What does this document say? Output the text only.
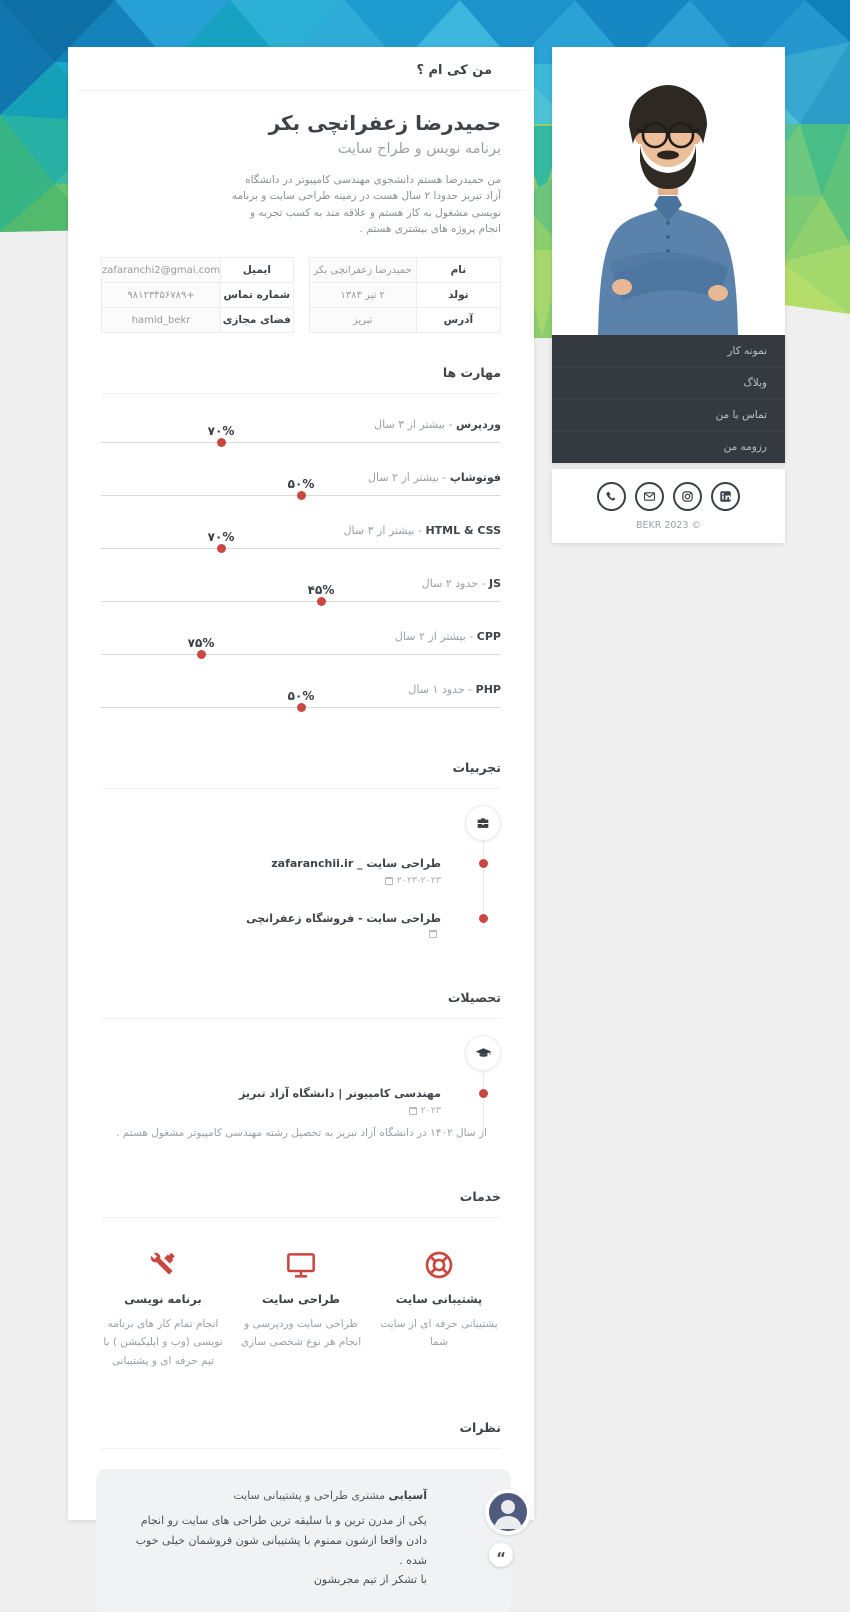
من کی ام ؟
حمیدرضا زعفرانچی بکر
برنامه نویس و طراح سایت

من حمیدرضا هستم دانشجوی مهندسی کامپیوتر در دانشگاه آزاد تبریز حدودا ۲ سال هست در زمینه طراحی سایت و برنامه نویسی مشغول به کار هستم و علاقه مند به کسب تجربه و انجام پروژه های بیشتری هستم .

نام	حمیدرضا زعفرانچی بکر
تولد	۲ تیر ۱۳۸۳
آدرس	تبریز
ایمیل	zafaranchi2@gmai.com
شماره تماس	۹۸۱۲۳۴۵۶۷۸۹+
فضای مجازی	hamid_bekr
مهارت ها
وردپرس - بیشتر از ۳ سال
۷۰%
فوتوشاپ - بیشتر از ۲ سال
۵۰%
HTML & CSS - بیشتر از ۳ سال
۷۰%
JS - حدود ۲ سال
۴۵%
CPP - بیشتر از ۲ سال
۷۵%
PHP - حدود ۱ سال
۵۰%
تجربیات
طراحی سایت _ zafaranchii.ir
۲۰۲۳-۲۰۲۳
طراحی سایت - فروشگاه زعفرانچی
تحصیلات
مهندسی کامپیوتر | دانشگاه آزاد تبریز
۲۰۲۳
از سال ۱۴۰۲ در دانشگاه آزاد تبریز به تحصیل رشته مهندسی کامپیوتر مشغول هستم .
خدمات
پشتیبانی سایت
پشتیبانی حرفه ای از سایت شما
طراحی سایت
طراحی سایت وردپرسی و انجام هر نوع شخصی سازی
برنامه نویسی
انجام تمام کار های برنامه نویسی (وب و اپلیکیشن ) با تیم حرفه ای و پشتیبانی
نظرات
“
آسیابی مشتری طراحی و پشتیبانی سایت

یکی از مدرن ترین و با سلیقه ترین طراحی های سایت رو انجام دادن واقعا ازشون ممنوم با پشتیبانی شون فروشمان خیلی خوب شده .
با تشکر از تیم مجربشون

نمونه کار
وبلاگ
تماس با من
رزومه من
BEKR 2023 ©
